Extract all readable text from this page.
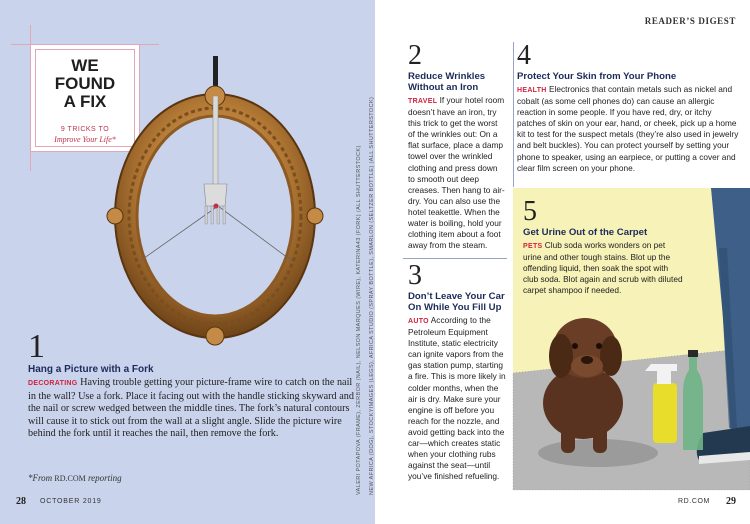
WE
FOUND
A FIX
9 TRICKS TO
Improve Your Life*
VALERI POTAPOVA (FRAME), ZERBOR (NAIL), NELSON MARQUES (WIRE), KATERINA43 (FORK) (ALL SHUTTERSTOCK)
1
Hang a Picture with a Fork
DECORATING Having trouble getting your picture-frame wire to catch on the nail in the wall? Use a fork. Place it facing out with the handle sticking skyward and the nail or screw wedged between the middle tines. The fork’s natural contours will cause it to stick out from the wall at a slight angle. Slide the picture wire behind the fork until it reaches the nail, then remove the fork.
*From RD.COM reporting
28 OCTOBER 2019
READER’S DIGEST
2
Reduce Wrinkles Without an Iron
TRAVEL If your hotel room doesn’t have an iron, try this trick to get the worst of the wrinkles out: On a flat surface, place a damp towel over the wrinkled clothing and press down to smooth out deep creases. Then hang to air-dry. You can also use the hotel teakettle. When the water is boiling, hold your clothing item about a foot away from the steam.
3
Don’t Leave Your Car On While You Fill Up
AUTO According to the Petroleum Equipment Institute, static electricity can ignite vapors from the gas station pump, starting a fire. This is more likely in colder months, when the air is dry. Make sure your engine is off before you reach for the nozzle, and avoid getting back into the car—which creates static when your clothing rubs against the seat—until you’ve finished refueling.
4
Protect Your Skin from Your Phone
HEALTH Electronics that contain metals such as nickel and cobalt (as some cell phones do) can cause an allergic reaction in some people. If you have red, dry, or itchy patches of skin on your ear, hand, or cheek, pick up a home kit to test for the suspect metals (they’re also used in jewelry and belt buckles). You can protect yourself by setting your phone to speaker, using an earpiece, or putting a cover and clear film screen on your phone.
5
Get Urine Out of the Carpet
PETS Club soda works wonders on pet urine and other tough stains. Blot up the offending liquid, then soak the spot with club soda. Blot again and scrub with diluted carpet shampoo if needed.
NEW AFRICA (DOG), STOCKYIMAGES (LEGS), AFRICA STUDIO (SPRAY BOTTLE), SMARLON (SELTZER BOTTLE) (ALL SHUTTERSTOCK)
RD.COM 29
